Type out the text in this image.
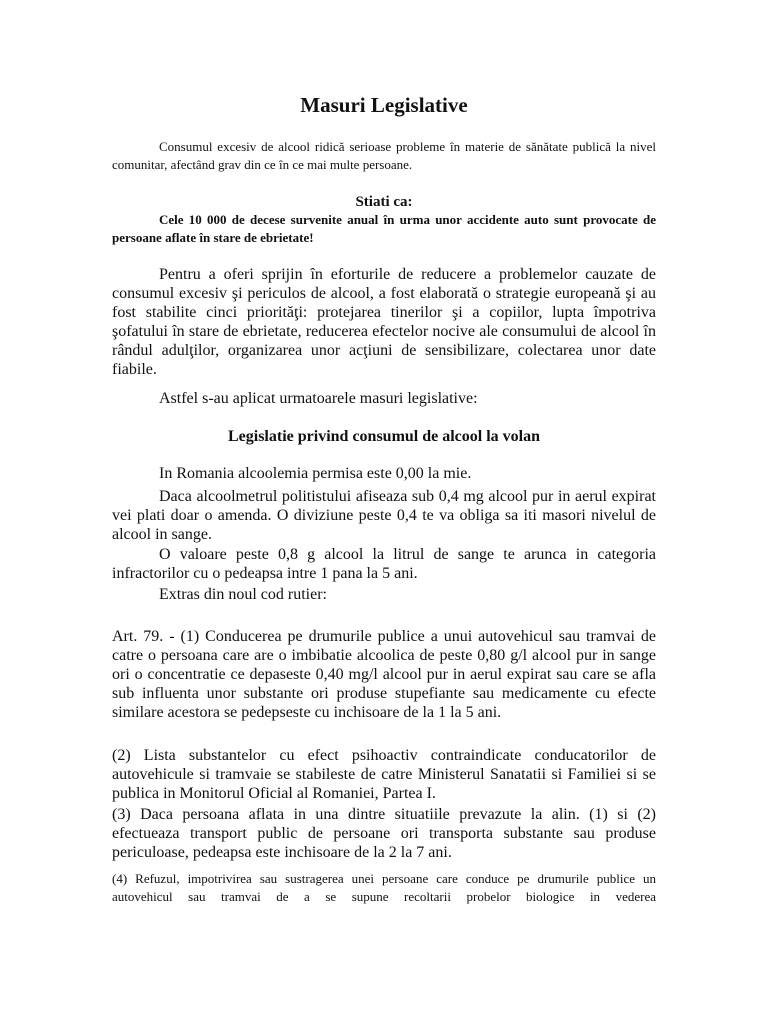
Masuri Legislative

Consumul excesiv de alcool ridică serioase probleme în materie de sănătate publică la nivel comunitar, afectând grav din ce în ce mai multe persoane.

Stiati ca:

Cele 10 000 de decese survenite anual în urma unor accidente auto sunt provocate de persoane aflate în stare de ebrietate!

Pentru a oferi sprijin în eforturile de reducere a problemelor cauzate de consumul excesiv şi periculos de alcool, a fost elaborată o strategie europeană şi au fost stabilite cinci priorităţi: protejarea tinerilor şi a copiilor, lupta împotriva şofatului în stare de ebrietate, reducerea efectelor nocive ale consumului de alcool în rândul adulţilor, organizarea unor acţiuni de sensibilizare, colectarea unor date fiabile.

Astfel s-au aplicat urmatoarele masuri legislative:

Legislatie privind consumul de alcool la volan

In Romania alcoolemia permisa este 0,00 la mie.

Daca alcoolmetrul politistului afiseaza sub 0,4 mg alcool pur in aerul expirat vei plati doar o amenda. O diviziune peste 0,4 te va obliga sa iti masori nivelul de alcool in sange.

O valoare peste 0,8 g alcool la litrul de sange te arunca in categoria infractorilor cu o pedeapsa intre 1 pana la 5 ani.

Extras din noul cod rutier:

Art. 79. - (1) Conducerea pe drumurile publice a unui autovehicul sau tramvai de catre o persoana care are o imbibatie alcoolica de peste 0,80 g/l alcool pur in sange ori o concentratie ce depaseste 0,40 mg/l alcool pur in aerul expirat sau care se afla sub influenta unor substante ori produse stupefiante sau medicamente cu efecte similare acestora se pedepseste cu inchisoare de la 1 la 5 ani.

(2) Lista substantelor cu efect psihoactiv contraindicate conducatorilor de autovehicule si tramvaie se stabileste de catre Ministerul Sanatatii si Familiei si se publica in Monitorul Oficial al Romaniei, Partea I.

(3) Daca persoana aflata in una dintre situatiile prevazute la alin. (1) si (2) efectueaza transport public de persoane ori transporta substante sau produse periculoase, pedeapsa este inchisoare de la 2 la 7 ani.

(4) Refuzul, impotrivirea sau sustragerea unei persoane care conduce pe drumurile publice un autovehicul sau tramvai de a se supune recoltarii probelor biologice in vederea
